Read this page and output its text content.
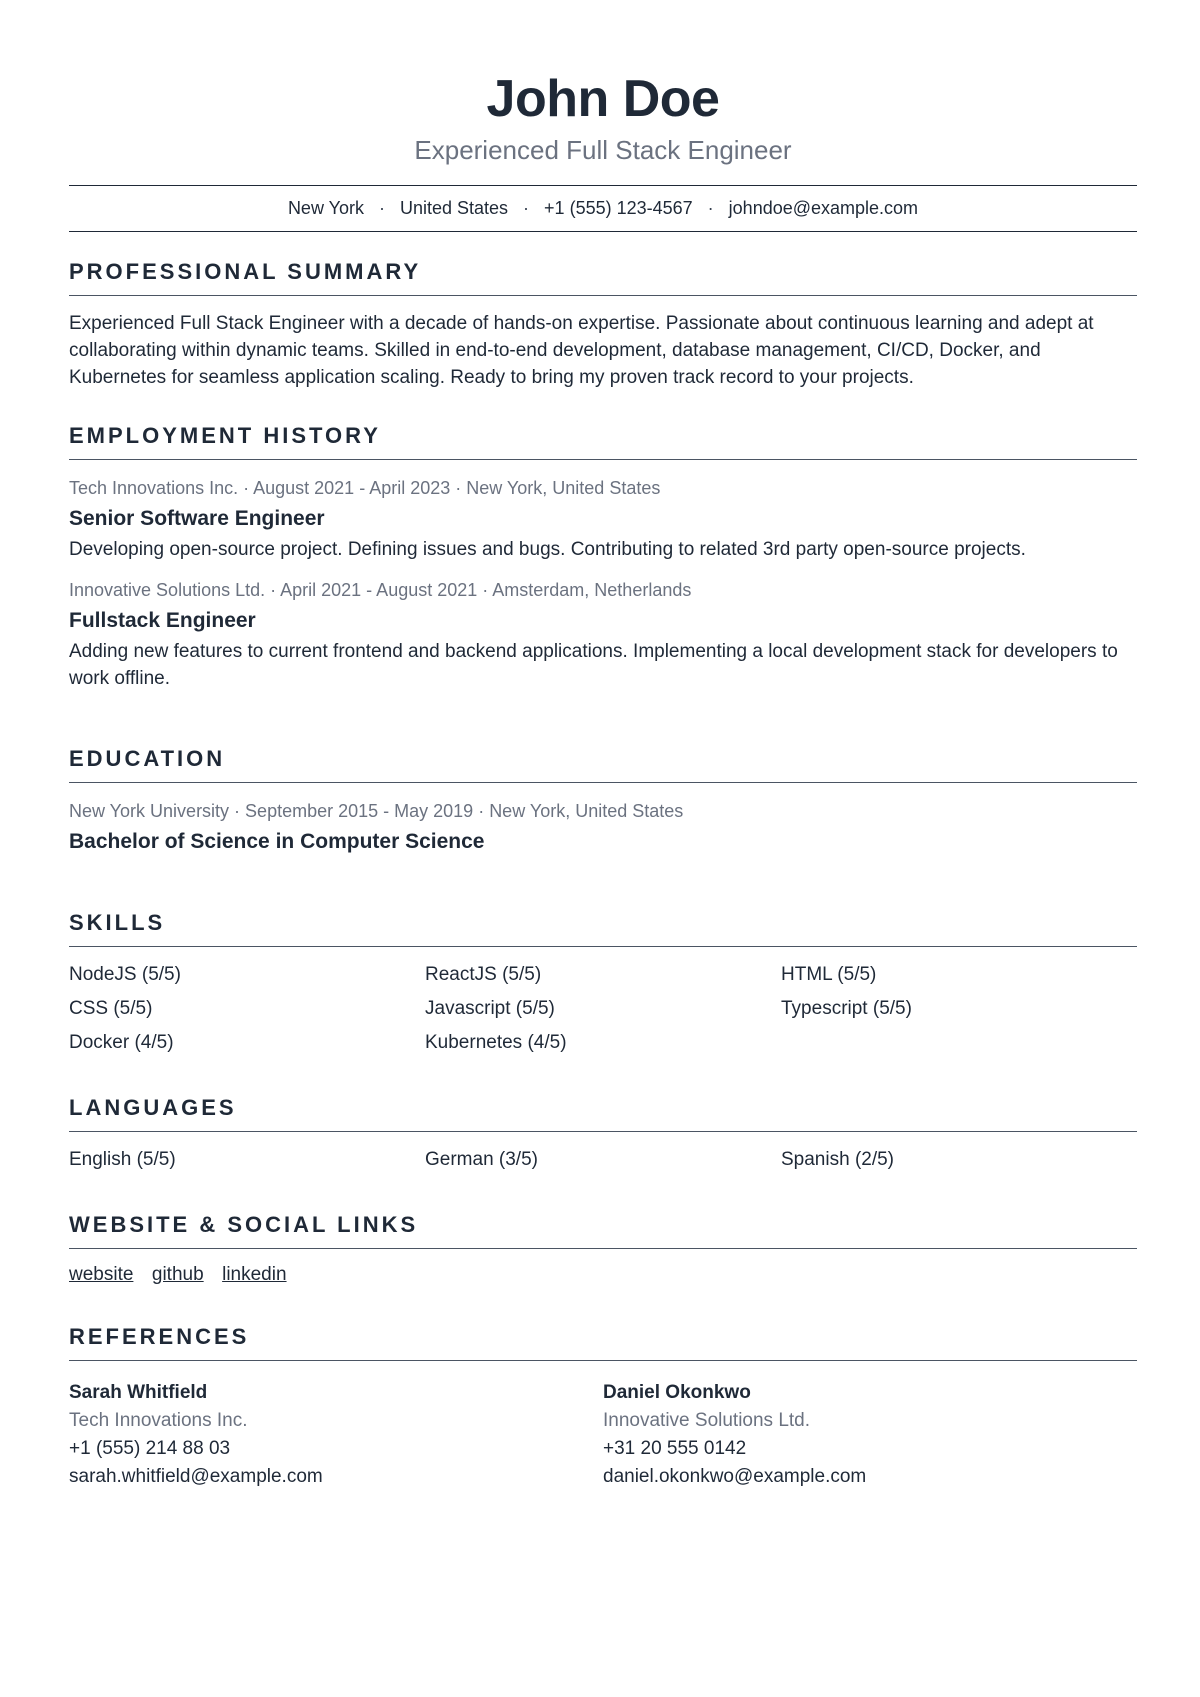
John Doe
Experienced Full Stack Engineer
New York · United States · +1 (555) 123-4567 · johndoe@example.com
PROFESSIONAL SUMMARY
Experienced Full Stack Engineer with a decade of hands-on expertise. Passionate about continuous learning and adept at collaborating within dynamic teams. Skilled in end-to-end development, database management, CI/CD, Docker, and Kubernetes for seamless application scaling. Ready to bring my proven track record to your projects.
EMPLOYMENT HISTORY
Tech Innovations Inc. · August 2021 - April 2023 · New York, United States
Senior Software Engineer
Developing open-source project. Defining issues and bugs. Contributing to related 3rd party open-source projects.
Innovative Solutions Ltd. · April 2021 - August 2021 · Amsterdam, Netherlands
Fullstack Engineer
Adding new features to current frontend and backend applications. Implementing a local development stack for developers to work offline.
EDUCATION
New York University · September 2015 - May 2019 · New York, United States
Bachelor of Science in Computer Science
SKILLS
NodeJS (5/5)	ReactJS (5/5)	HTML (5/5)
CSS (5/5)	Javascript (5/5)	Typescript (5/5)
Docker (4/5)	Kubernetes (4/5)
LANGUAGES
English (5/5)	German (3/5)	Spanish (2/5)
WEBSITE & SOCIAL LINKS
website github linkedin
REFERENCES
Sarah Whitfield
Tech Innovations Inc.
+1 (555) 214 88 03
sarah.whitfield@example.com
Daniel Okonkwo
Innovative Solutions Ltd.
+31 20 555 0142
daniel.okonkwo@example.com
